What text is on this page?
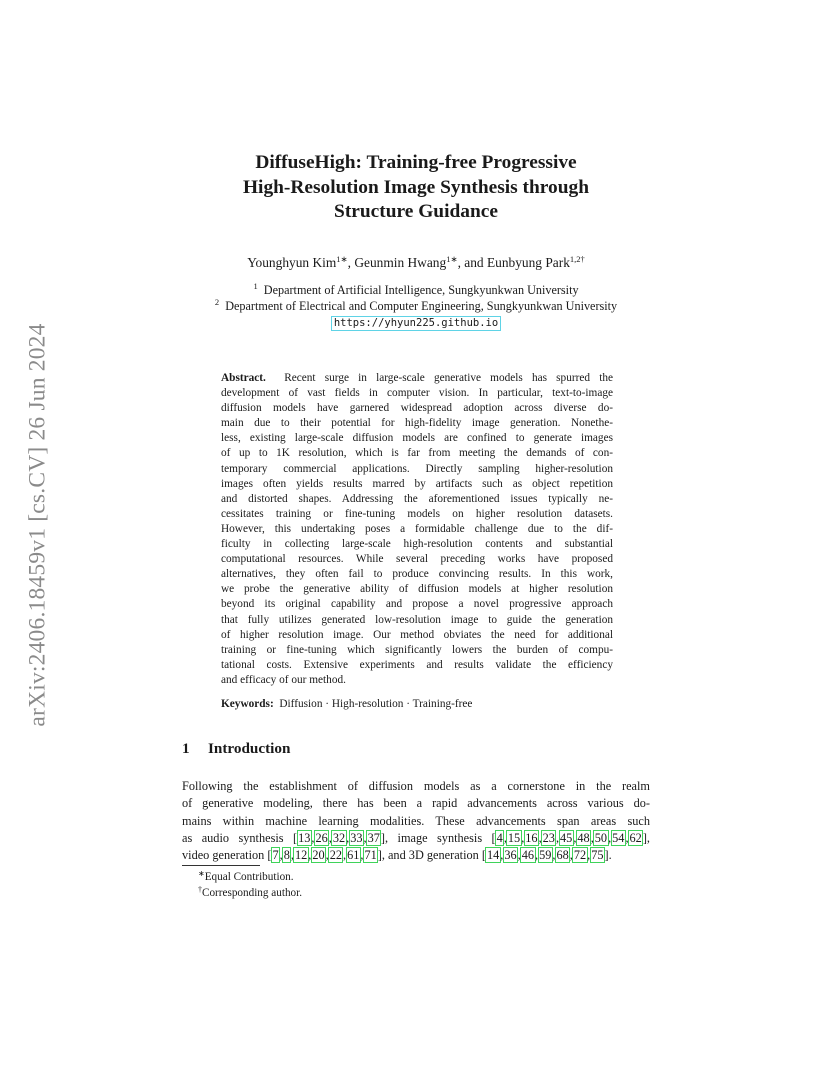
arXiv:2406.18459v1 [cs.CV] 26 Jun 2024
DiffuseHigh: Training-free Progressive
High-Resolution Image Synthesis through
Structure Guidance
Younghyun Kim$^{1∗}$, Geunmin Hwang$^{1∗}$, and Eunbyung Park$^{1,2\dagger}$
$^1$ Department of Artificial Intelligence, Sungkyunkwan University
$^2$ Department of Electrical and Computer Engineering, Sungkyunkwan University
https://yhyun225.github.io
Abstract. Recent surge in large-scale generative models has spurred the
development of vast fields in computer vision. In particular, text-to-image
diffusion models have garnered widespread adoption across diverse do-
main due to their potential for high-fidelity image generation. Nonethe-
less, existing large-scale diffusion models are confined to generate images
of up to 1K resolution, which is far from meeting the demands of con-
temporary commercial applications. Directly sampling higher-resolution
images often yields results marred by artifacts such as object repetition
and distorted shapes. Addressing the aforementioned issues typically ne-
cessitates training or fine-tuning models on higher resolution datasets.
However, this undertaking poses a formidable challenge due to the dif-
ficulty in collecting large-scale high-resolution contents and substantial
computational resources. While several preceding works have proposed
alternatives, they often fail to produce convincing results. In this work,
we probe the generative ability of diffusion models at higher resolution
beyond its original capability and propose a novel progressive approach
that fully utilizes generated low-resolution image to guide the generation
of higher resolution image. Our method obviates the need for additional
training or fine-tuning which significantly lowers the burden of compu-
tational costs. Extensive experiments and results validate the efficiency
and efficacy of our method.
Keywords: Diffusion · High-resolution · Training-free
1 Introduction
Following the establishment of diffusion models as a cornerstone in the realm
of generative modeling, there has been a rapid advancements across various do-
mains within machine learning modalities. These advancements span areas such
as audio synthesis [13,26,32,33,37], image synthesis [4,15,16,23,45,48,50,54,62],
video generation [7,8,12,20,22,61,71], and 3D generation [14,36,46,59,68,72,75].
∗Equal Contribution.
†Corresponding author.
